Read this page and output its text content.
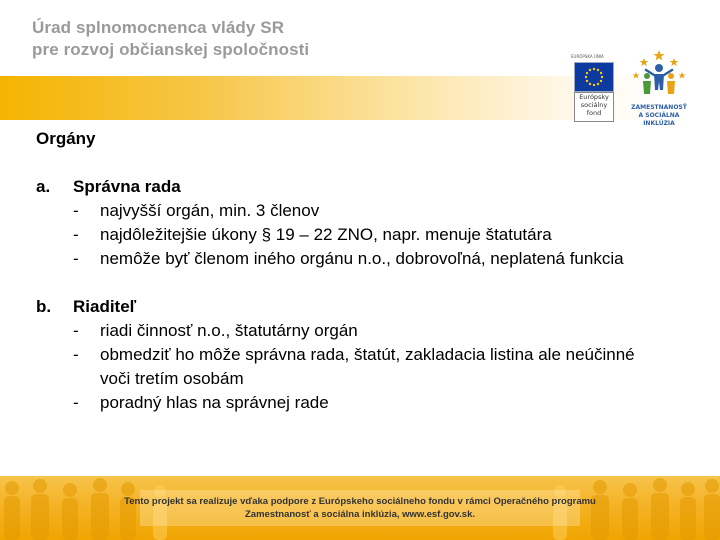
Úrad splnomocnenca vlády SR
pre rozvoj občianskej spoločnosti	EURÓPSKA ÚNIA
Európsky
sociálny
fond
ZAMESTNANOSŤ
A SOCIÁLNA INKLÚZIA
Orgány
a. Správna rada
- najvyšší orgán, min. 3 členov
- najdôležitejšie úkony § 19 – 22 ZNO, napr. menuje štatutára
- nemôže byť členom iného orgánu n.o., dobrovoľná, neplatená funkcia
b. Riaditeľ
- riadi činnosť n.o., štatutárny orgán
- obmedziť ho môže správna rada, štatút, zakladacia listina ale neúčinné
voči tretím osobám
- poradný hlas na správnej rade
Tento projekt sa realizuje vďaka podpore z Európskeho sociálneho fondu v rámci Operačného programu
Zamestnanosť a sociálna inklúzia, www.esf.gov.sk.
